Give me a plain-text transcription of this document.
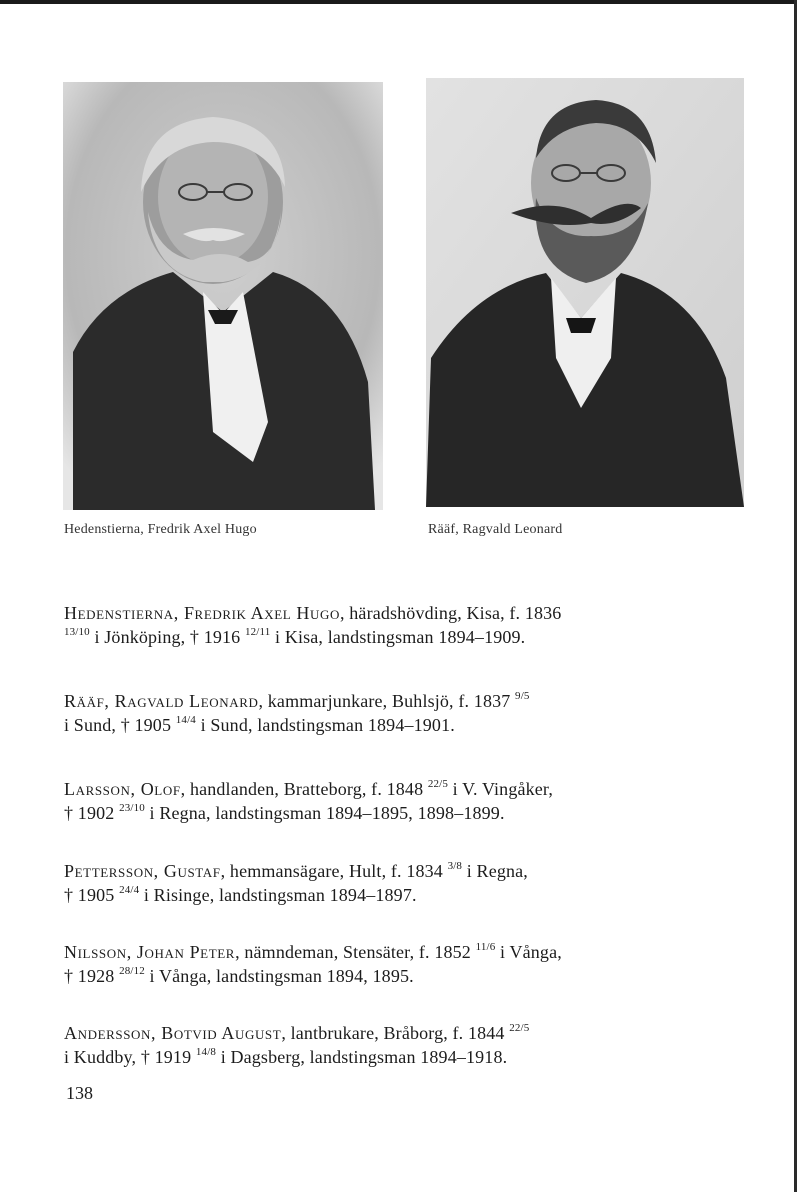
Hedenstierna, Fredrik Axel Hugo	Rääf, Ragvald Leonard
Hedenstierna, Fredrik Axel Hugo, häradshövding, Kisa, f. 1836
$^{13/10}$ i Jönköping, † 1916 $^{12/11}$ i Kisa, landstingsman 1894–1909.
Rääf, Ragvald Leonard, kammarjunkare, Buhlsjö, f. 1837 $^{9/5}$
i Sund, † 1905 $^{14/4}$ i Sund, landstingsman 1894–1901.
Larsson, Olof, handlanden, Bratteborg, f. 1848 $^{22/5}$ i V. Vingåker,
† 1902 $^{23/10}$ i Regna, landstingsman 1894–1895, 1898–1899.
Pettersson, Gustaf, hemmansägare, Hult, f. 1834 $^{3/8}$ i Regna,
† 1905 $^{24/4}$ i Risinge, landstingsman 1894–1897.
Nilsson, Johan Peter, nämndeman, Stensäter, f. 1852 $^{11/6}$ i Vånga,
† 1928 $^{28/12}$ i Vånga, landstingsman 1894, 1895.
Andersson, Botvid August, lantbrukare, Bråborg, f. 1844 $^{22/5}$
i Kuddby, † 1919 $^{14/8}$ i Dagsberg, landstingsman 1894–1918.
138
